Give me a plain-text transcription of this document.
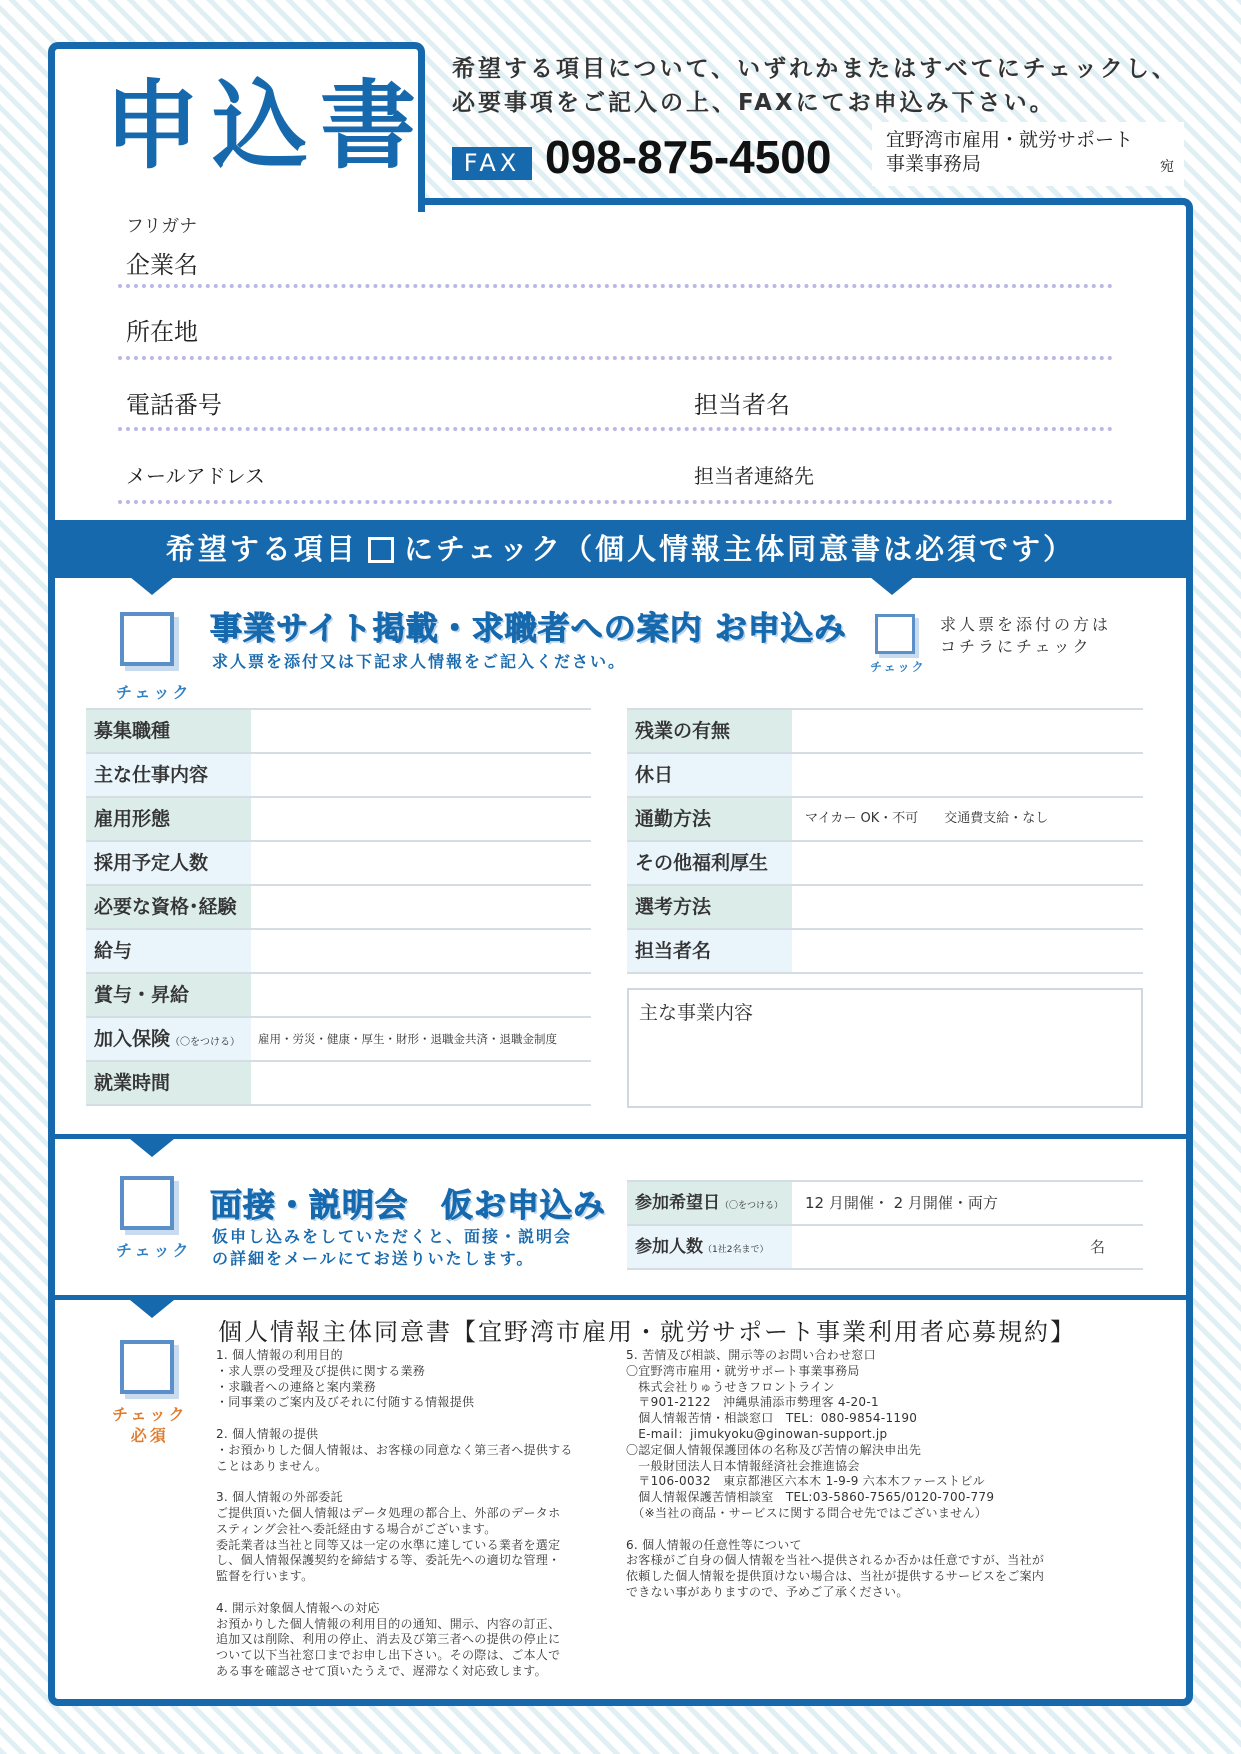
申込書
希望する項目について、いずれかまたはすべてにチェックし、必要事項をご記入の上、FAXにてお申込み下さい。
FAX 098-875-4500	宜野湾市雇用・就労サポート 事業事務局	宛
フリガナ
企業名
所在地
電話番号	担当者名
メールアドレス	担当者連絡先
希望する項目 にチェック（個人情報主体同意書は必須です）
チェック
事業サイト掲載・求職者への案内 お申込み
求人票を添付又は下記求人情報をご記入ください。	チェック
求人票を添付の方は
コチラにチェック
募集職種
主な仕事内容
雇用形態
採用予定人数
必要な資格･経験
給与
賞与・昇給
加入保険（〇をつける）	雇用・労災・健康・厚生・財形・退職金共済・退職金制度
就業時間
残業の有無
休日
通勤方法	マイカー OK・不可　　交通費支給・なし
その他福利厚生
選考方法
担当者名
主な事業内容
チェック
面接・説明会　仮お申込み
仮申し込みをしていただくと、面接・説明会
の詳細をメールにてお送りいたします。
参加希望日（〇をつける）	12 月開催・ 2 月開催・両方
参加人数（1社2名まで）	名
チェック
必須
個人情報主体同意書【宜野湾市雇用・就労サポート事業利用者応募規約】
1. 個人情報の利用目的
・求人票の受理及び提供に関する業務
・求職者への連絡と案内業務
・同事業のご案内及びそれに付随する情報提供

2. 個人情報の提供
・お預かりした個人情報は、お客様の同意なく第三者へ提供する
ことはありません。

3. 個人情報の外部委託
ご提供頂いた個人情報はデータ処理の都合上、外部のデータホ
スティング会社へ委託経由する場合がございます。
委託業者は当社と同等又は一定の水準に達している業者を選定
し、個人情報保護契約を締結する等、委託先への適切な管理・
監督を行います。

4. 開示対象個人情報への対応
お預かりした個人情報の利用目的の通知、開示、内容の訂正、
追加又は削除、利用の停止、消去及び第三者への提供の停止に
ついて以下当社窓口までお申し出下さい。その際は、ご本人で
ある事を確認させて頂いたうえで、遅滞なく対応致します。
5. 苦情及び相談、開示等のお問い合わせ窓口
〇宜野湾市雇用・就労サポート事業事務局
　株式会社りゅうせきフロントライン
　〒901-2122　沖縄県浦添市勢理客 4-20-1
　個人情報苦情・相談窓口　TEL：080-9854-1190
　E-mail：jimukyoku@ginowan-support.jp
〇認定個人情報保護団体の名称及び苦情の解決申出先
　一般財団法人日本情報経済社会推進協会
　〒106-0032　東京都港区六本木 1-9-9 六本木ファーストビル
　個人情報保護苦情相談室　TEL:03-5860-7565/0120-700-779
　（※当社の商品・サービスに関する問合せ先ではございません）

6. 個人情報の任意性等について
お客様がご自身の個人情報を当社へ提供されるか否かは任意ですが、当社が
依頼した個人情報を提供頂けない場合は、当社が提供するサービスをご案内
できない事がありますので、予めご了承ください。
